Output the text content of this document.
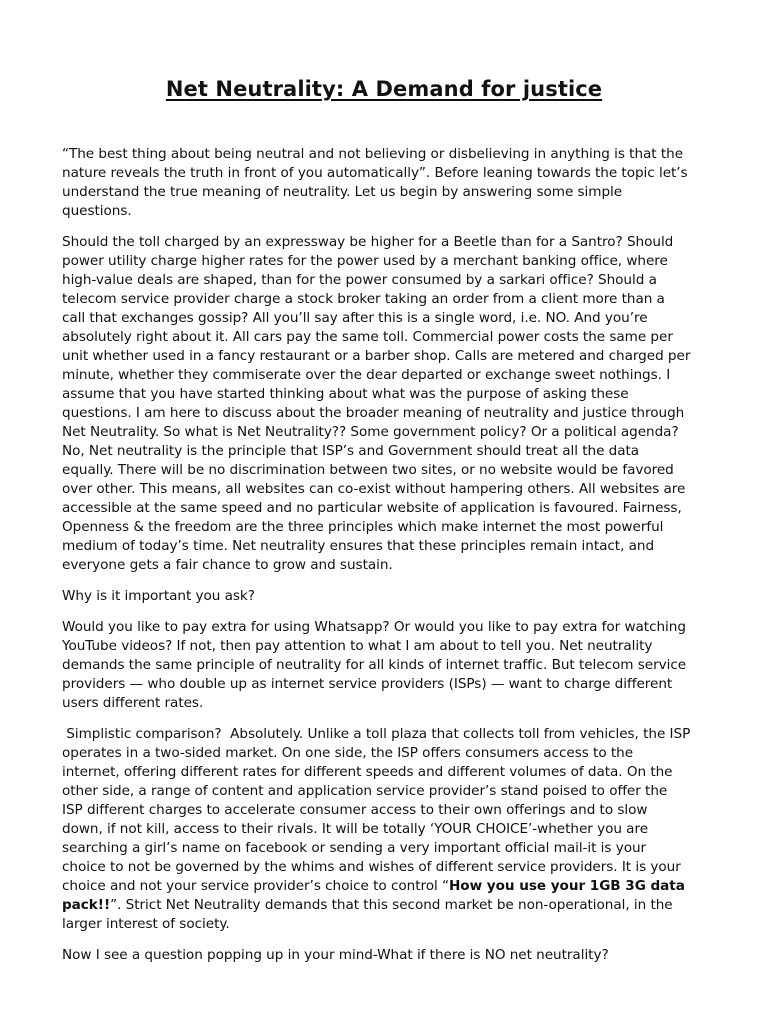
Net Neutrality: A Demand for justice
“The best thing about being neutral and not believing or disbelieving in anything is that the
nature reveals the truth in front of you automatically”. Before leaning towards the topic let’s
understand the true meaning of neutrality. Let us begin by answering some simple
questions.
Should the toll charged by an expressway be higher for a Beetle than for a Santro? Should
power utility charge higher rates for the power used by a merchant banking office, where
high-value deals are shaped, than for the power consumed by a sarkari office? Should a
telecom service provider charge a stock broker taking an order from a client more than a
call that exchanges gossip? All you’ll say after this is a single word, i.e. NO. And you’re
absolutely right about it. All cars pay the same toll. Commercial power costs the same per
unit whether used in a fancy restaurant or a barber shop. Calls are metered and charged per
minute, whether they commiserate over the dear departed or exchange sweet nothings. I
assume that you have started thinking about what was the purpose of asking these
questions. I am here to discuss about the broader meaning of neutrality and justice through
Net Neutrality. So what is Net Neutrality?? Some government policy? Or a political agenda?
No, Net neutrality is the principle that ISP’s and Government should treat all the data
equally. There will be no discrimination between two sites, or no website would be favored
over other. This means, all websites can co-exist without hampering others. All websites are
accessible at the same speed and no particular website of application is favoured. Fairness,
Openness & the freedom are the three principles which make internet the most powerful
medium of today’s time. Net neutrality ensures that these principles remain intact, and
everyone gets a fair chance to grow and sustain.
Why is it important you ask?
Would you like to pay extra for using Whatsapp? Or would you like to pay extra for watching
YouTube videos? If not, then pay attention to what I am about to tell you. Net neutrality
demands the same principle of neutrality for all kinds of internet traffic. But telecom service
providers — who double up as internet service providers (ISPs) — want to charge different
users different rates.
Simplistic comparison?  Absolutely. Unlike a toll plaza that collects toll from vehicles, the ISP
operates in a two-sided market. On one side, the ISP offers consumers access to the
internet, offering different rates for different speeds and different volumes of data. On the
other side, a range of content and application service provider’s stand poised to offer the
ISP different charges to accelerate consumer access to their own offerings and to slow
down, if not kill, access to their rivals. It will be totally ‘YOUR CHOICE’-whether you are
searching a girl’s name on facebook or sending a very important official mail-it is your
choice to not be governed by the whims and wishes of different service providers. It is your
choice and not your service provider’s choice to control “How you use your 1GB 3G data
pack!!”. Strict Net Neutrality demands that this second market be non-operational, in the
larger interest of society.
Now I see a question popping up in your mind-What if there is NO net neutrality?
